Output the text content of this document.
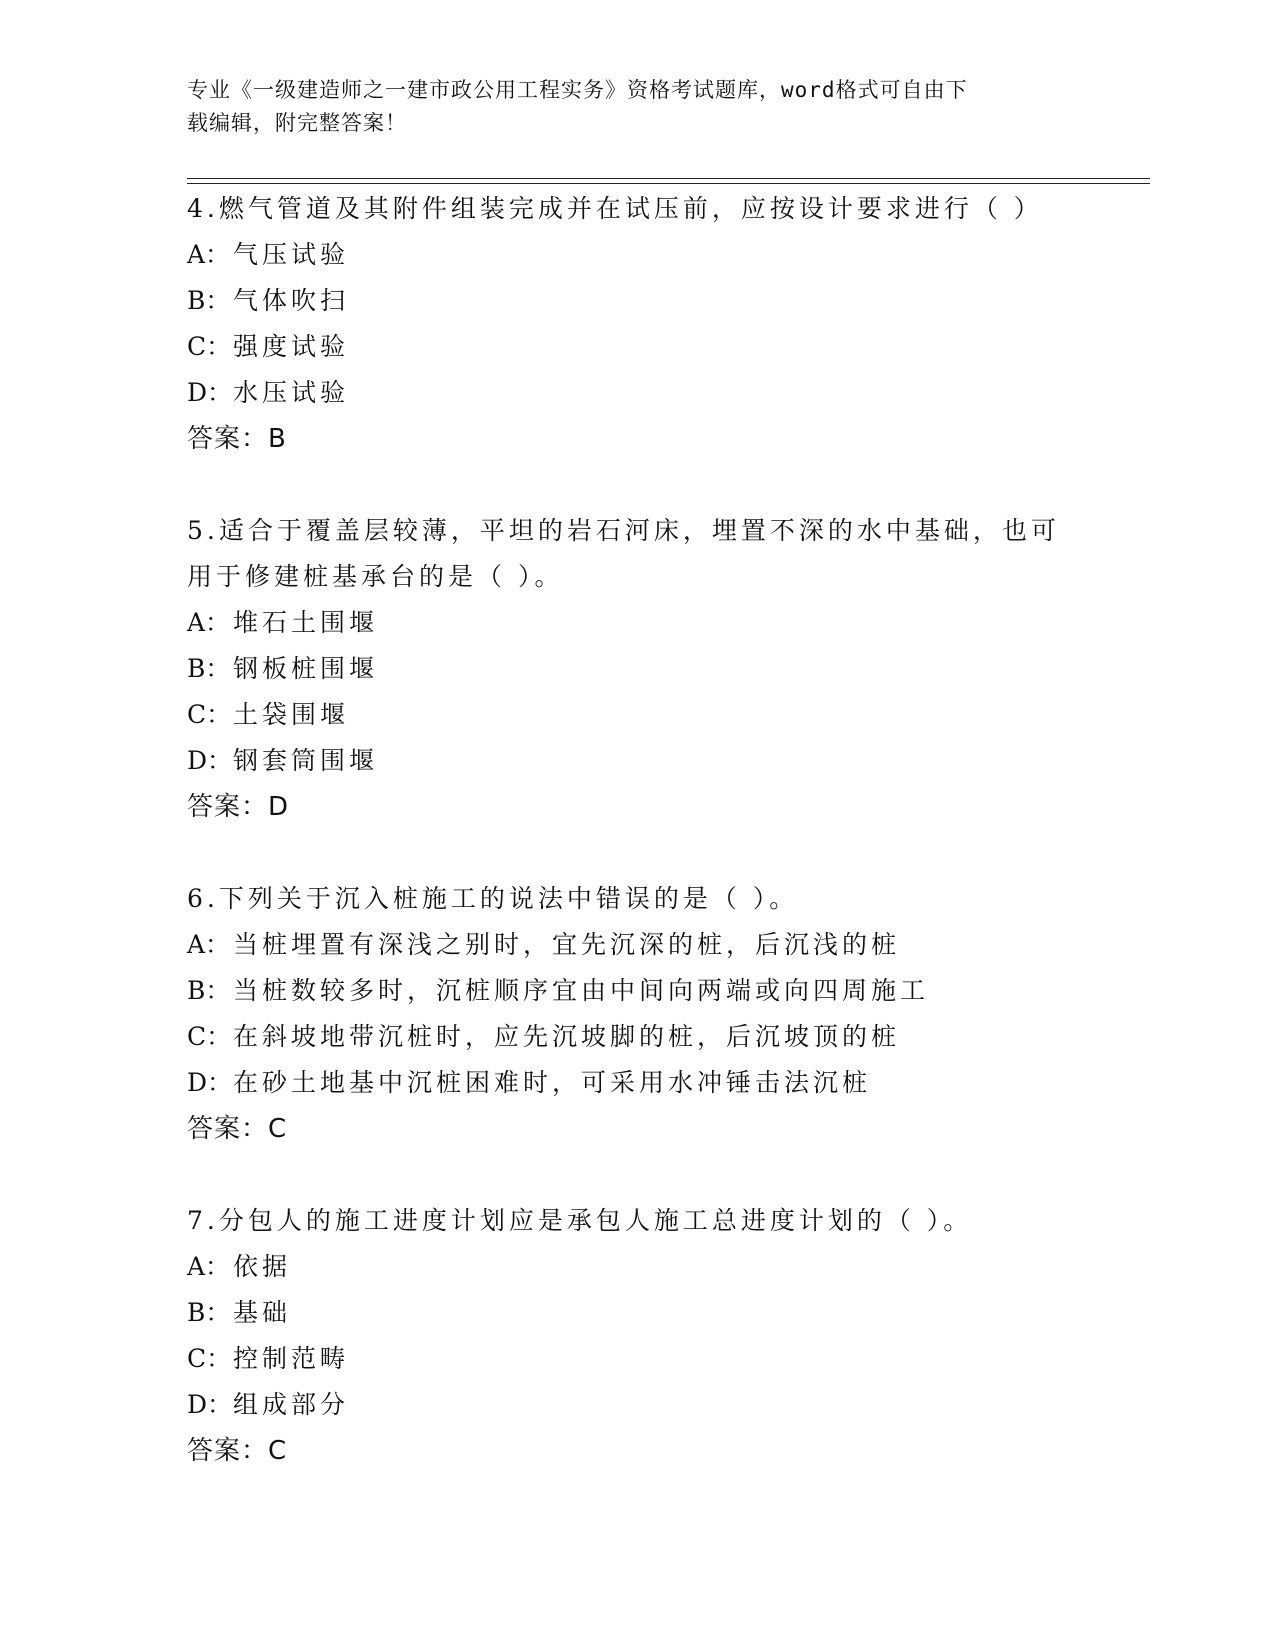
专业《一级建造师之一建市政公用工程实务》资格考试题库，word格式可自由下
载编辑，附完整答案！
4.燃气管道及其附件组装完成并在试压前，应按设计要求进行（ ）
A： 气压试验
B： 气体吹扫
C：强度试验
D：水压试验
答案：B
5.适合于覆盖层较薄，平坦的岩石河床，埋置不深的水中基础，也可用于修建桩基承台的是（ ）。
A： 堆石土围堰
B： 钢板桩围堰
C：土袋围堰
D：钢套筒围堰
答案：D
6.下列关于沉入桩施工的说法中错误的是（ ）。
A： 当桩埋置有深浅之别时，宜先沉深的桩，后沉浅的桩
B： 当桩数较多时，沉桩顺序宜由中间向两端或向四周施工
C：在斜坡地带沉桩时，应先沉坡脚的桩，后沉坡顶的桩
D：在砂土地基中沉桩困难时，可采用水冲锤击法沉桩
答案：C
7.分包人的施工进度计划应是承包人施工总进度计划的（ ）。
A： 依据
B： 基础
C：控制范畴
D：组成部分
答案：C
